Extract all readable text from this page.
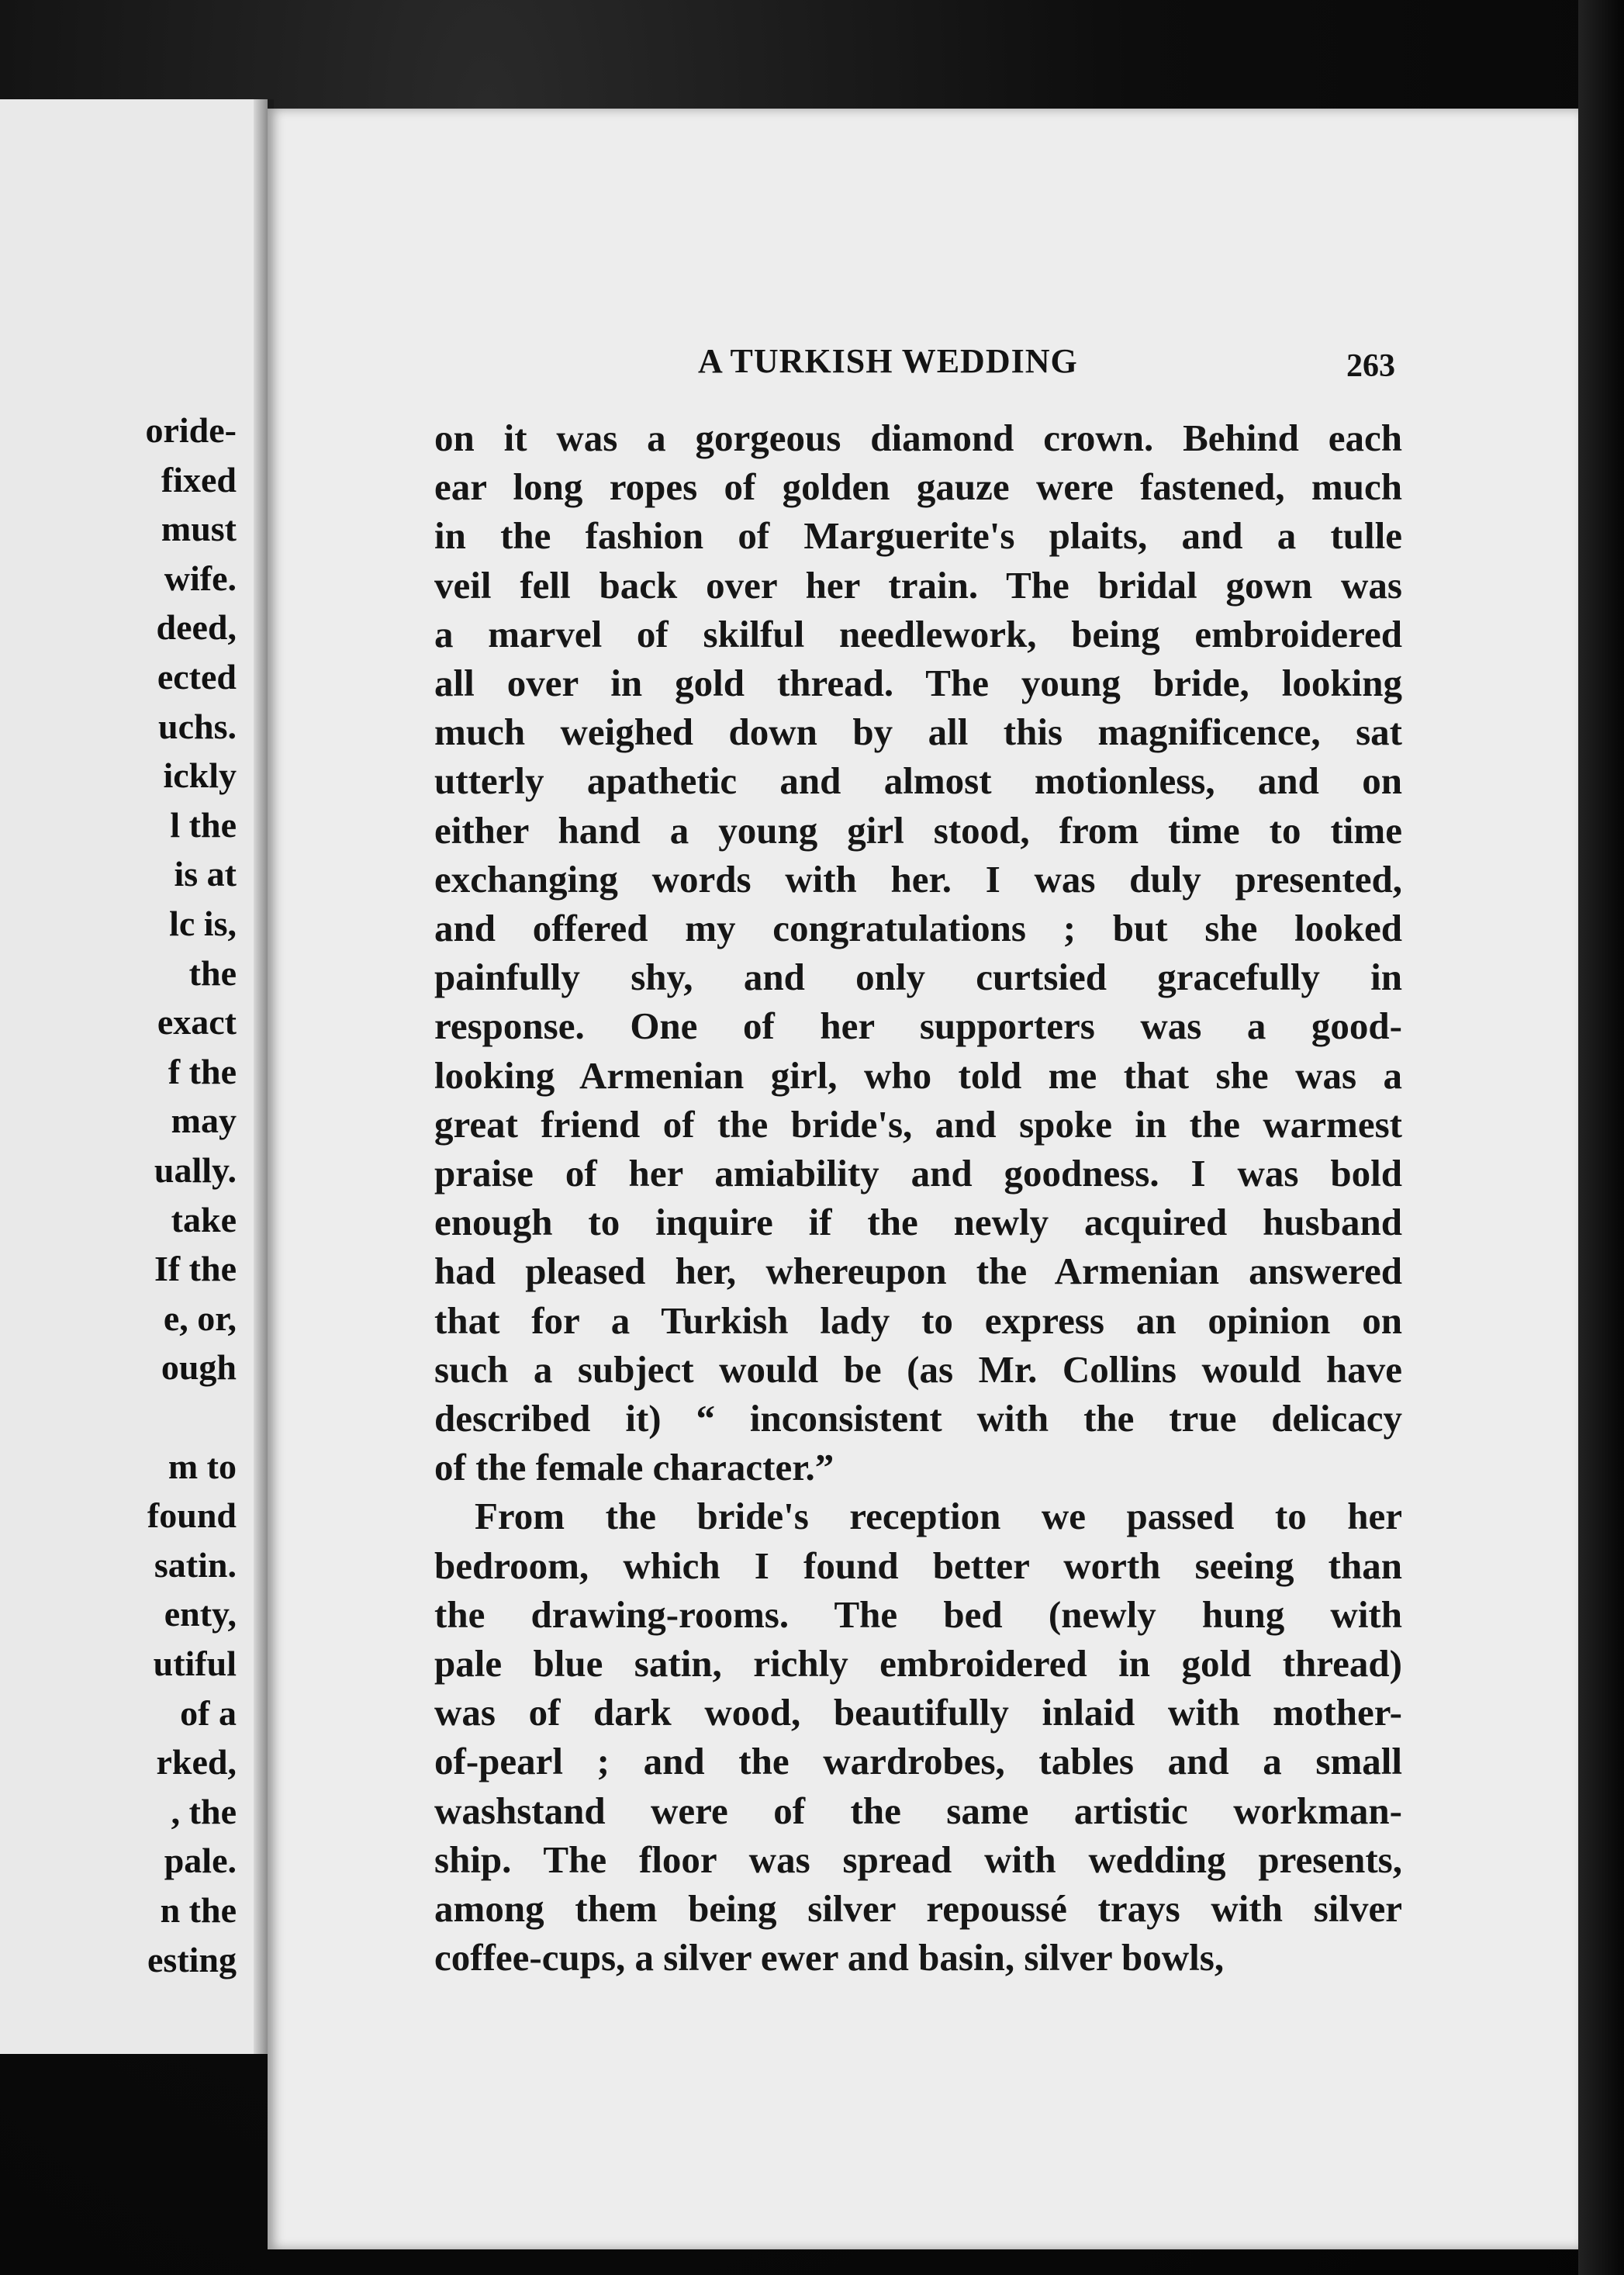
oride-
fixed
must
wife.
deed,
ected
uchs.
ickly
l the
is at
lc is,
the
exact
f the
may
ually.
take
If the
e, or,
ough
m to
found
satin.
enty,
utiful
of a
rked,
, the
pale.
n the
esting
A TURKISH WEDDING	263
on it was a gorgeous diamond crown. Behind each
ear long ropes of golden gauze were fastened, much
in the fashion of Marguerite's plaits, and a tulle
veil fell back over her train. The bridal gown was
a marvel of skilful needlework, being embroidered
all over in gold thread. The young bride, looking
much weighed down by all this magnificence, sat
utterly apathetic and almost motionless, and on
either hand a young girl stood, from time to time
exchanging words with her. I was duly presented,
and offered my congratulations ; but she looked
painfully shy, and only curtsied gracefully in
response. One of her supporters was a good-
looking Armenian girl, who told me that she was a
great friend of the bride's, and spoke in the warmest
praise of her amiability and goodness. I was bold
enough to inquire if the newly acquired husband
had pleased her, whereupon the Armenian answered
that for a Turkish lady to express an opinion on
such a subject would be (as Mr. Collins would have
described it) “ inconsistent with the true delicacy
of the female character.”
From the bride's reception we passed to her
bedroom, which I found better worth seeing than
the drawing-rooms. The bed (newly hung with
pale blue satin, richly embroidered in gold thread)
was of dark wood, beautifully inlaid with mother-
of-pearl ; and the wardrobes, tables and a small
washstand were of the same artistic workman-
ship. The floor was spread with wedding presents,
among them being silver repoussé trays with silver
coffee-cups, a silver ewer and basin, silver bowls,
